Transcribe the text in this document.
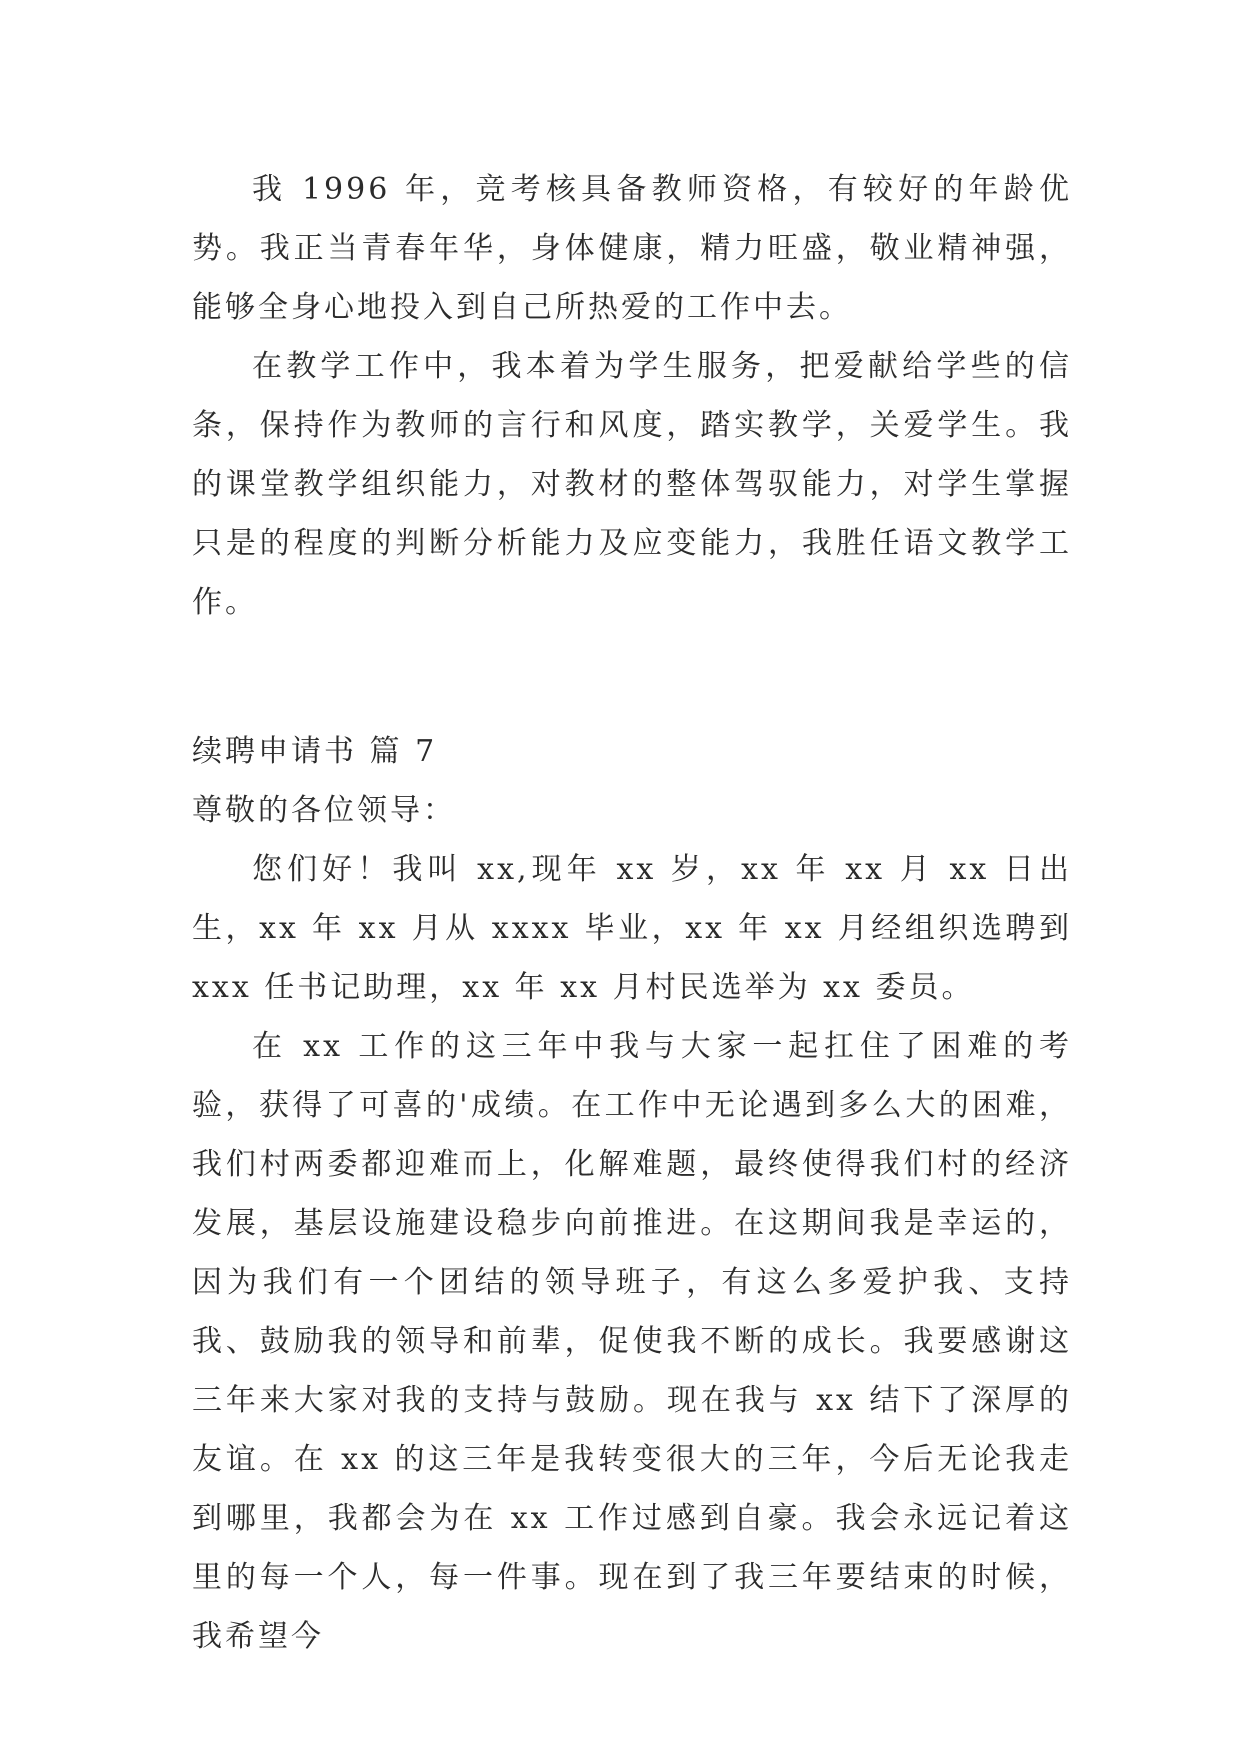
我 1996 年，竞考核具备教师资格，有较好的年龄优势。我正当青春年华，身体健康，精力旺盛，敬业精神强，能够全身心地投入到自己所热爱的工作中去。

在教学工作中，我本着为学生服务，把爱献给学些的信条，保持作为教师的言行和风度，踏实教学，关爱学生。我的课堂教学组织能力，对教材的整体驾驭能力，对学生掌握只是的程度的判断分析能力及应变能力，我胜任语文教学工作。

续聘申请书 篇 7

尊敬的各位领导：

您们好！我叫 xx,现年 xx 岁，xx 年 xx 月 xx 日出生，xx 年 xx 月从 xxxx 毕业，xx 年 xx 月经组织选聘到 xxx 任书记助理，xx 年 xx 月村民选举为 xx 委员。

在 xx 工作的这三年中我与大家一起扛住了困难的考验，获得了可喜的'成绩。在工作中无论遇到多么大的困难，我们村两委都迎难而上，化解难题，最终使得我们村的经济发展，基层设施建设稳步向前推进。在这期间我是幸运的，因为我们有一个团结的领导班子，有这么多爱护我、支持我、鼓励我的领导和前辈，促使我不断的成长。我要感谢这三年来大家对我的支持与鼓励。现在我与 xx 结下了深厚的友谊。在 xx 的这三年是我转变很大的三年，今后无论我走到哪里，我都会为在 xx 工作过感到自豪。我会永远记着这里的每一个人，每一件事。现在到了我三年要结束的时候，我希望今
